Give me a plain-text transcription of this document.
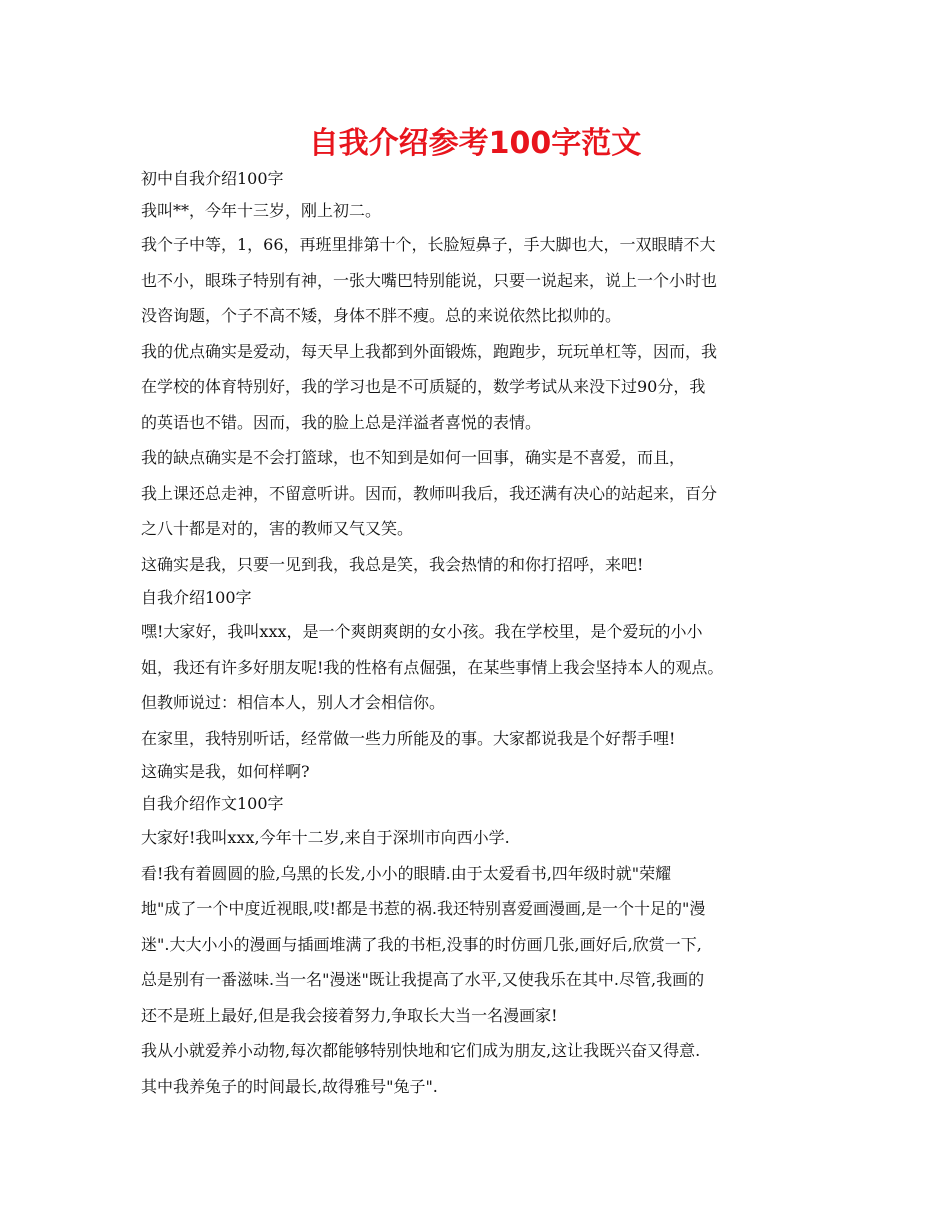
自我介绍参考100字范文

初中自我介绍100字

我叫**，今年十三岁，刚上初二。

我个子中等，1，66，再班里排第十个，长脸短鼻子，手大脚也大，一双眼睛不大

也不小，眼珠子特别有神，一张大嘴巴特别能说，只要一说起来，说上一个小时也

没咨询题，个子不高不矮，身体不胖不瘦。总的来说依然比拟帅的。

我的优点确实是爱动，每天早上我都到外面锻炼，跑跑步，玩玩单杠等，因而，我

在学校的体育特别好，我的学习也是不可质疑的，数学考试从来没下过90分，我

的英语也不错。因而，我的脸上总是洋溢者喜悦的表情。

我的缺点确实是不会打篮球，也不知到是如何一回事，确实是不喜爱，而且，

我上课还总走神，不留意听讲。因而，教师叫我后，我还满有决心的站起来，百分

之八十都是对的，害的教师又气又笑。

这确实是我，只要一见到我，我总是笑，我会热情的和你打招呼，来吧!

自我介绍100字

嘿!大家好，我叫xxx，是一个爽朗爽朗的女小孩。我在学校里，是个爱玩的小小

姐，我还有许多好朋友呢!我的性格有点倔强，在某些事情上我会坚持本人的观点。

但教师说过：相信本人，别人才会相信你。

在家里，我特别听话，经常做一些力所能及的事。大家都说我是个好帮手哩!

这确实是我，如何样啊?

自我介绍作文100字

大家好!我叫xxx,今年十二岁,来自于深圳市向西小学.

看!我有着圆圆的脸,乌黑的长发,小小的眼睛.由于太爱看书,四年级时就"荣耀

地"成了一个中度近视眼,哎!都是书惹的祸.我还特别喜爱画漫画,是一个十足的"漫

迷".大大小小的漫画与插画堆满了我的书柜,没事的时仿画几张,画好后,欣赏一下,

总是别有一番滋味.当一名"漫迷"既让我提高了水平,又使我乐在其中.尽管,我画的

还不是班上最好,但是我会接着努力,争取长大当一名漫画家!

我从小就爱养小动物,每次都能够特别快地和它们成为朋友,这让我既兴奋又得意.

其中我养兔子的时间最长,故得雅号"兔子".
